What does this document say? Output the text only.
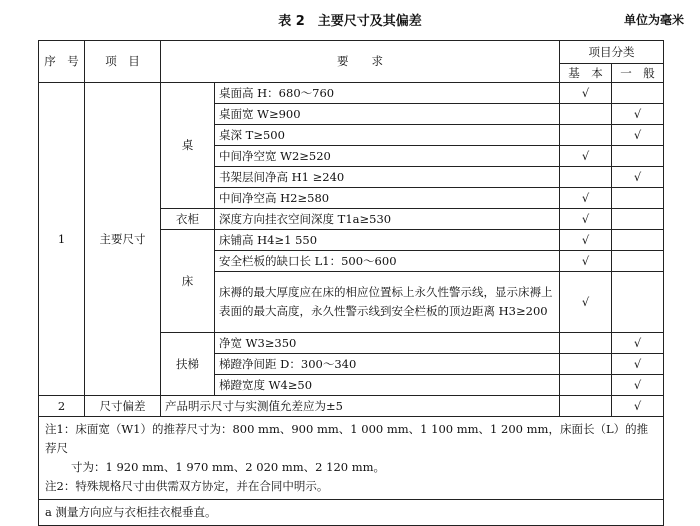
表 2　主要尺寸及其偏差	单位为毫米
序　号	项　目	要　　求		项目分类	
				基　本	一　般
1	主要尺寸	桌	桌面高 H：680～760	√	
			桌面宽 W≥900		√
			桌深 T≥500		√
			中间净空宽 W2≥520	√	
			书架层间净高 H1 ≥240		√
			中间净空高 H2≥580	√	
		衣柜	深度方向挂衣空间深度 T1a≥530	√	
		床	床铺高 H4≥1 550	√	
			安全栏板的缺口长 L1：500～600	√	
			床褥的最大厚度应在床的相应位置标上永久性警示线，显示床褥上表面的最大高度，永久性警示线到安全栏板的顶边距离 H3≥200	√	
		扶梯	净宽 W3≥350		√
			梯蹬净间距 D：300～340		√
			梯蹬宽度 W4≥50		√
2	尺寸偏差	产品明示尺寸与实测值允差应为±5			√
注1：床面宽（W1）的推荐尺寸为：800 mm、900 mm、1 000 mm、1 100 mm、1 200 mm，床面长（L）的推荐尺
寸为：1 920 mm、1 970 mm、2 020 mm、2 120 mm。
注2：特殊规格尺寸由供需双方协定，并在合同中明示。					

a 测量方向应与衣柜挂衣棍垂直。					
